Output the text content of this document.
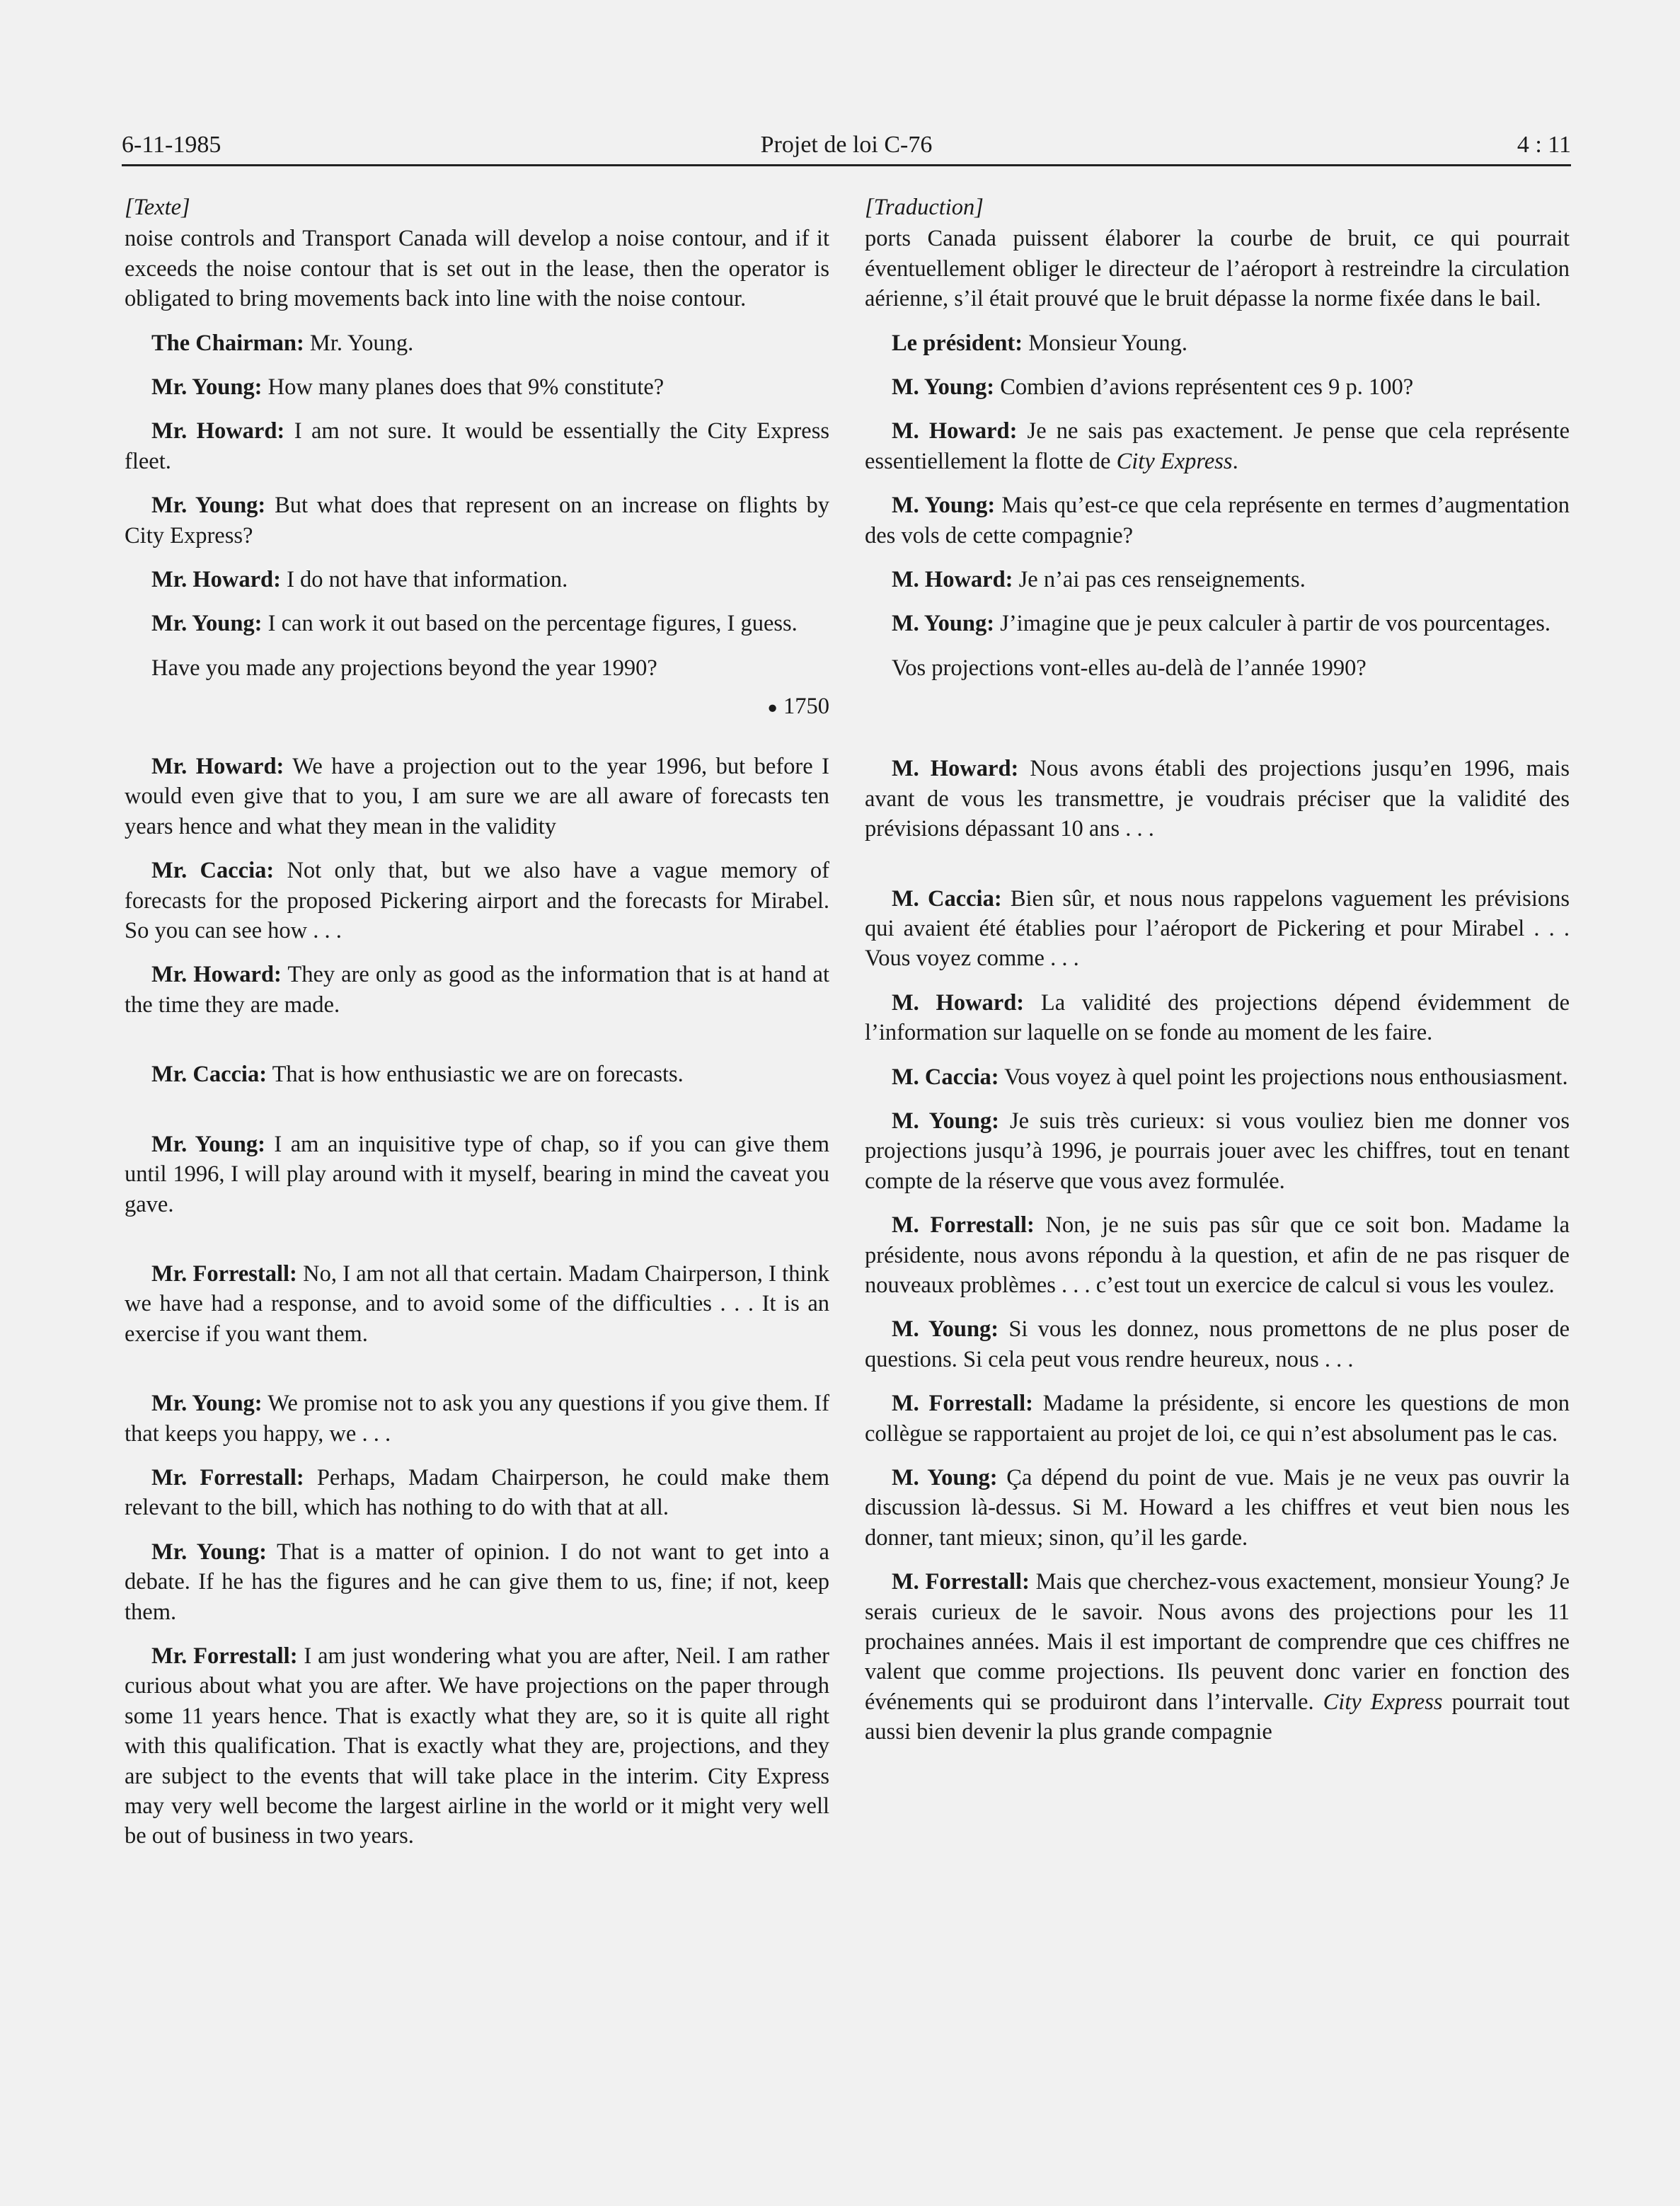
6-11-1985	Projet de loi C-76	4 : 11
[Texte]

noise controls and Transport Canada will develop a noise contour, and if it exceeds the noise contour that is set out in the lease, then the operator is obligated to bring movements back into line with the noise contour.

The Chairman: Mr. Young.

Mr. Young: How many planes does that 9% constitute?

Mr. Howard: I am not sure. It would be essentially the City Express fleet.

Mr. Young: But what does that represent on an increase on flights by City Express?

Mr. Howard: I do not have that information.

Mr. Young: I can work it out based on the percentage figures, I guess.

Have you made any projections beyond the year 1990?

● 1750

Mr. Howard: We have a projection out to the year 1996, but before I would even give that to you, I am sure we are all aware of forecasts ten years hence and what they mean in the validity

Mr. Caccia: Not only that, but we also have a vague memory of forecasts for the proposed Pickering airport and the forecasts for Mirabel. So you can see how . . .

Mr. Howard: They are only as good as the information that is at hand at the time they are made.

Mr. Caccia: That is how enthusiastic we are on forecasts.

Mr. Young: I am an inquisitive type of chap, so if you can give them until 1996, I will play around with it myself, bearing in mind the caveat you gave.

Mr. Forrestall: No, I am not all that certain. Madam Chairperson, I think we have had a response, and to avoid some of the difficulties . . . It is an exercise if you want them.

Mr. Young: We promise not to ask you any questions if you give them. If that keeps you happy, we . . .

Mr. Forrestall: Perhaps, Madam Chairperson, he could make them relevant to the bill, which has nothing to do with that at all.

Mr. Young: That is a matter of opinion. I do not want to get into a debate. If he has the figures and he can give them to us, fine; if not, keep them.

Mr. Forrestall: I am just wondering what you are after, Neil. I am rather curious about what you are after. We have projections on the paper through some 11 years hence. That is exactly what they are, so it is quite all right with this qualification. That is exactly what they are, projections, and they are subject to the events that will take place in the interim. City Express may very well become the largest airline in the world or it might very well be out of business in two years.

[Traduction]

ports Canada puissent élaborer la courbe de bruit, ce qui pourrait éventuellement obliger le directeur de l’aéroport à restreindre la circulation aérienne, s’il était prouvé que le bruit dépasse la norme fixée dans le bail.

Le président: Monsieur Young.

M. Young: Combien d’avions représentent ces 9 p. 100?

M. Howard: Je ne sais pas exactement. Je pense que cela représente essentiellement la flotte de City Express.

M. Young: Mais qu’est-ce que cela représente en termes d’augmentation des vols de cette compagnie?

M. Howard: Je n’ai pas ces renseignements.

M. Young: J’imagine que je peux calculer à partir de vos pourcentages.

Vos projections vont-elles au-delà de l’année 1990?

M. Howard: Nous avons établi des projections jusqu’en 1996, mais avant de vous les transmettre, je voudrais préciser que la validité des prévisions dépassant 10 ans . . .

M. Caccia: Bien sûr, et nous nous rappelons vaguement les prévisions qui avaient été établies pour l’aéroport de Pickering et pour Mirabel . . . Vous voyez comme . . .

M. Howard: La validité des projections dépend évidemment de l’information sur laquelle on se fonde au moment de les faire.

M. Caccia: Vous voyez à quel point les projections nous enthousiasment.

M. Young: Je suis très curieux: si vous vouliez bien me donner vos projections jusqu’à 1996, je pourrais jouer avec les chiffres, tout en tenant compte de la réserve que vous avez formulée.

M. Forrestall: Non, je ne suis pas sûr que ce soit bon. Madame la présidente, nous avons répondu à la question, et afin de ne pas risquer de nouveaux problèmes . . . c’est tout un exercice de calcul si vous les voulez.

M. Young: Si vous les donnez, nous promettons de ne plus poser de questions. Si cela peut vous rendre heureux, nous . . .

M. Forrestall: Madame la présidente, si encore les questions de mon collègue se rapportaient au projet de loi, ce qui n’est absolument pas le cas.

M. Young: Ça dépend du point de vue. Mais je ne veux pas ouvrir la discussion là-dessus. Si M. Howard a les chiffres et veut bien nous les donner, tant mieux; sinon, qu’il les garde.

M. Forrestall: Mais que cherchez-vous exactement, monsieur Young? Je serais curieux de le savoir. Nous avons des projections pour les 11 prochaines années. Mais il est important de comprendre que ces chiffres ne valent que comme projections. Ils peuvent donc varier en fonction des événements qui se produiront dans l’intervalle. City Express pourrait tout aussi bien devenir la plus grande compagnie
